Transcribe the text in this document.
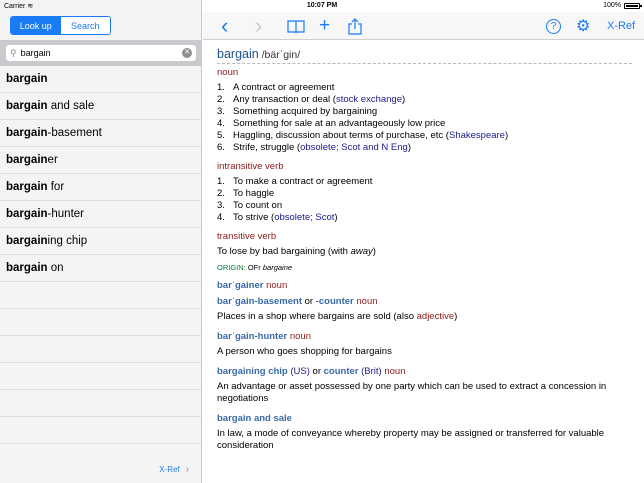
Look up	Search
⚲ bargain	✕
bargain
bargain and sale
bargain -basement
bargain er
bargain for
bargain -hunter
bargain ing chip
bargain on
X-Ref ›
Carrier ≋	10:07 PM	100%
‹ ›	+	? ⚙ X-Ref
bargain /bärˈgin/
noun
1. A contract or agreement
2. Any transaction or deal (stock exchange)
3. Something acquired by bargaining
4. Something for sale at an advantageously low price
5. Haggling, discussion about terms of purchase, etc (Shakespeare)
6. Strife, struggle (obsolete; Scot and N Eng)
intransitive verb
1. To make a contract or agreement
2. To haggle
3. To count on
4. To strive (obsolete; Scot)
transitive verb
To lose by bad bargaining (with away)
ORIGIN: OFr bargaine
barˈgainer noun
barˈgain-basement or -counter noun
Places in a shop where bargains are sold (also adjective)
barˈgain-hunter noun
A person who goes shopping for bargains
bargaining chip (US) or counter (Brit) noun
An advantage or asset possessed by one party which can be used to extract a concession in negotiations
bargain and sale
In law, a mode of conveyance whereby property may be assigned or transferred for valuable consideration
